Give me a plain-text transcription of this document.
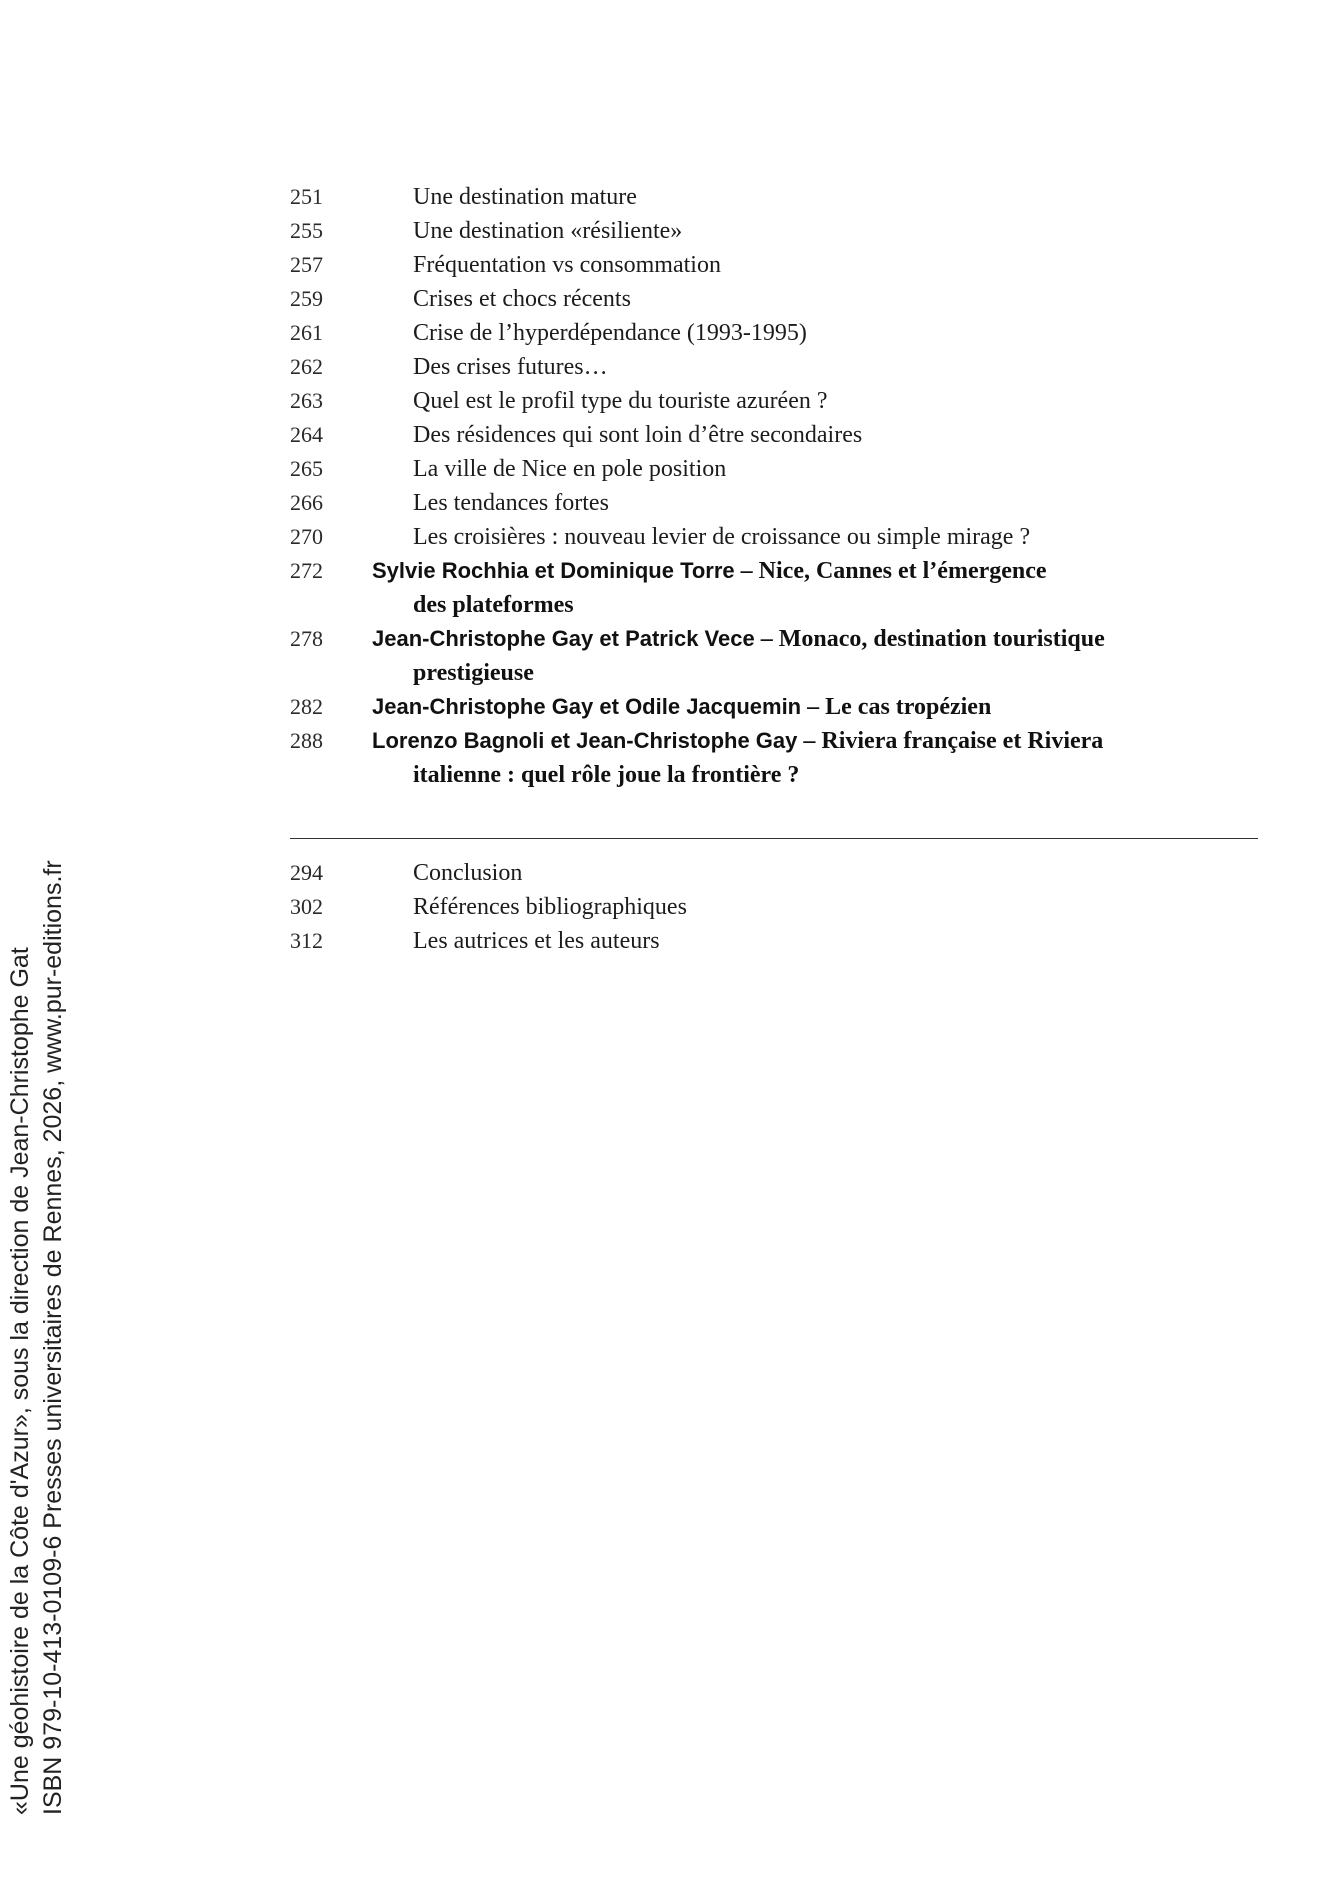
251	Une destination mature
255	Une destination «résiliente»
257	Fréquentation vs consommation
259	Crises et chocs récents
261	Crise de l’hyperdépendance (1993-1995)
262	Des crises futures…
263	Quel est le profil type du touriste azuréen ?
264	Des résidences qui sont loin d’être secondaires
265	La ville de Nice en pole position
266	Les tendances fortes
270	Les croisières : nouveau levier de croissance ou simple mirage ?
272	Sylvie Rochhia et Dominique Torre – Nice, Cannes et l’émergence
des plateformes
278	Jean-Christophe Gay et Patrick Vece – Monaco, destination touristique
prestigieuse
282	Jean-Christophe Gay et Odile Jacquemin – Le cas tropézien
288	Lorenzo Bagnoli et Jean-Christophe Gay – Riviera française et Riviera
italienne : quel rôle joue la frontière ?
294	Conclusion
302	Références bibliographiques
312	Les autrices et les auteurs
«Une géohistoire de la Côte d'Azur», sous la direction de Jean-Christophe Gat ISBN 979-10-413-0109-6 Presses universitaires de Rennes, 2026, www.pur-editions.fr
